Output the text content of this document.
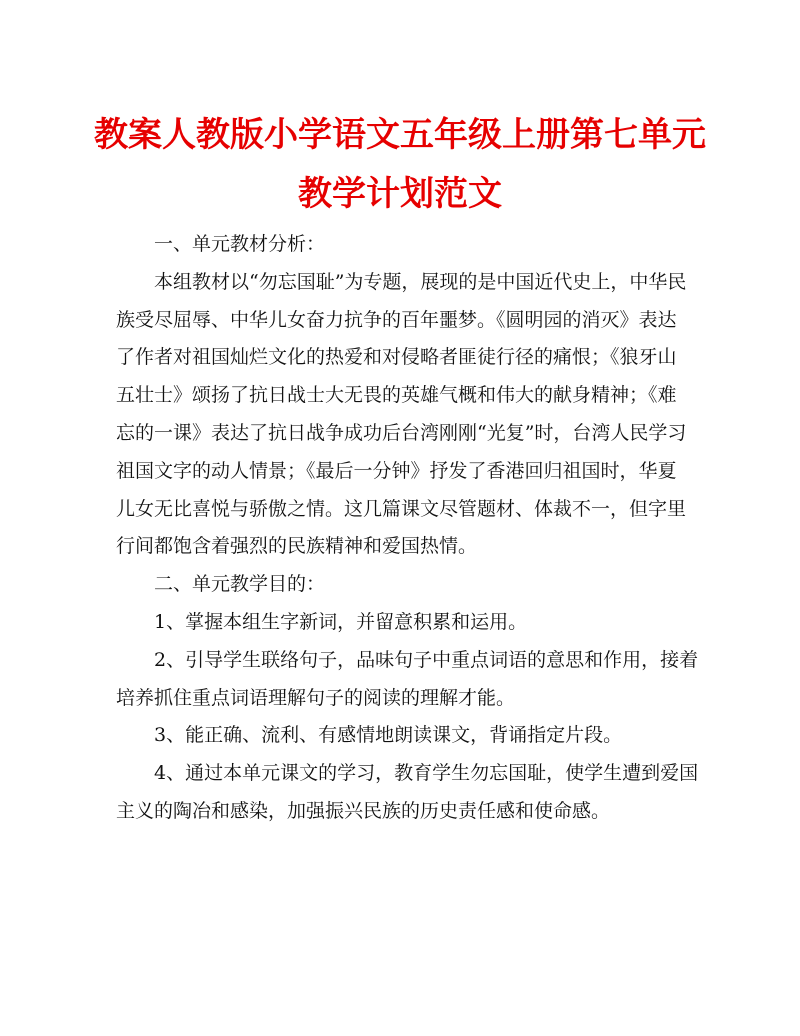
教案人教版小学语文五年级上册第七单元
教学计划范文
一、单元教材分析：
本组教材以“勿忘国耻”为专题，展现的是中国近代史上，中华民
族受尽屈辱、中华儿女奋力抗争的百年噩梦。《圆明园的消灭》表达
了作者对祖国灿烂文化的热爱和对侵略者匪徒行径的痛恨；《狼牙山
五壮士》颂扬了抗日战士大无畏的英雄气概和伟大的献身精神；《难
忘的一课》表达了抗日战争成功后台湾刚刚“光复”时，台湾人民学习
祖国文字的动人情景；《最后一分钟》抒发了香港回归祖国时，华夏
儿女无比喜悦与骄傲之情。这几篇课文尽管题材、体裁不一，但字里
行间都饱含着强烈的民族精神和爱国热情。
二、单元教学目的：
1、掌握本组生字新词，并留意积累和运用。
2、引导学生联络句子，品味句子中重点词语的意思和作用，接着
培养抓住重点词语理解句子的阅读的理解才能。
3、能正确、流利、有感情地朗读课文，背诵指定片段。
4、通过本单元课文的学习，教育学生勿忘国耻，使学生遭到爱国
主义的陶冶和感染，加强振兴民族的历史责任感和使命感。
